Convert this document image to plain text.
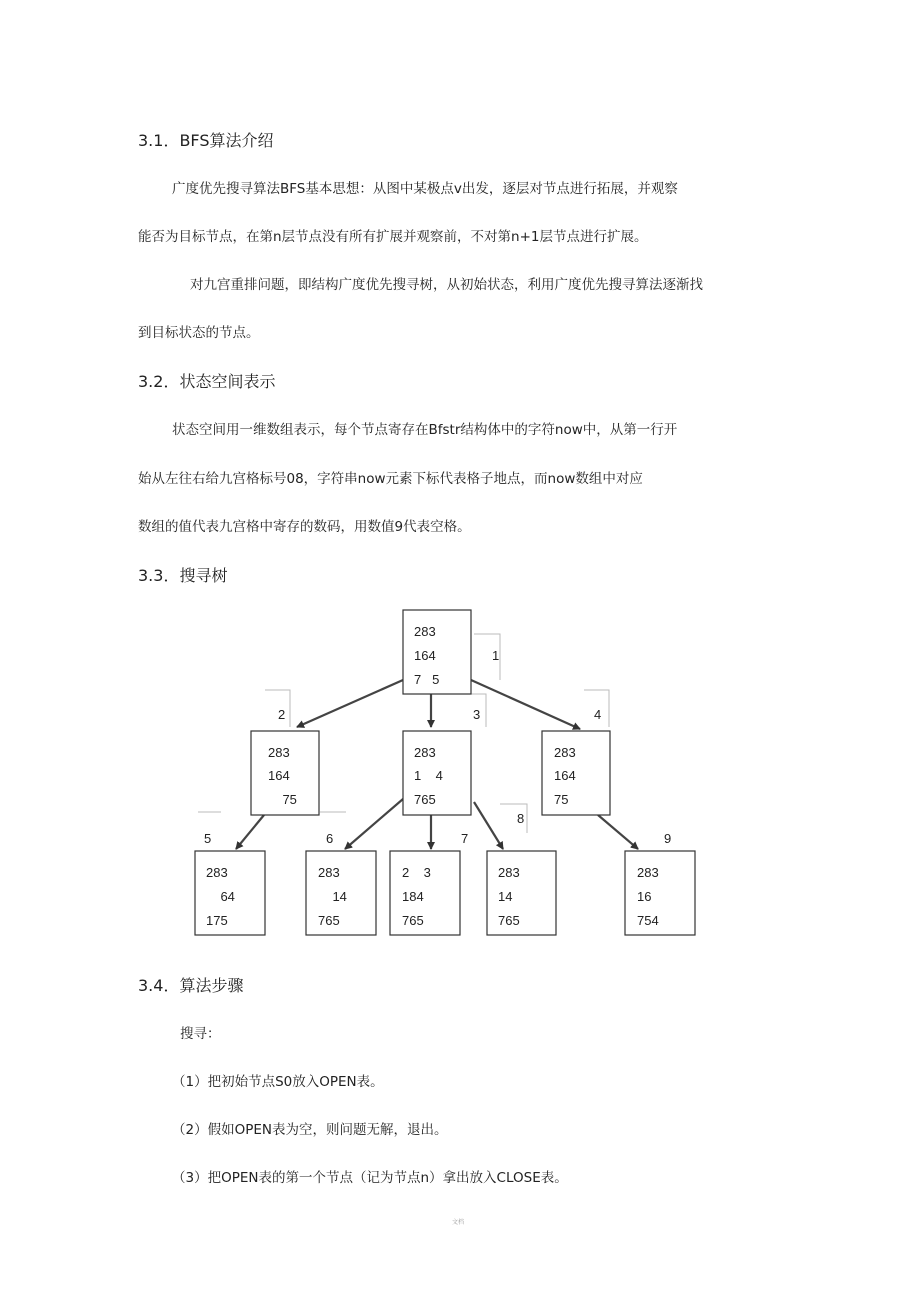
3.1．BFS算法介绍
广度优先搜寻算法BFS基本思想：从图中某极点v出发，逐层对节点进行拓展，并观察
能否为目标节点，在第n层节点没有所有扩展并观察前，不对第n+1层节点进行扩展。
对九宫重排问题，即结构广度优先搜寻树，从初始状态，利用广度优先搜寻算法逐渐找
到目标状态的节点。
3.2．状态空间表示
状态空间用一维数组表示，每个节点寄存在Bfstr结构体中的字符now中，从第一行开
始从左往右给九宫格标号08，字符串now元素下标代表格子地点，而now数组中对应
数组的值代表九宫格中寄存的数码，用数值9代表空格。
3.3．搜寻树
283
164
7   5
1
283
164
75
2
283
1    4
765
3
283
164
75
4
283
64
175
5
283
14
765
6
2    3
184
765
7
283
14
765
8
283
16
754
9
3.4．算法步骤
搜寻：
（1）把初始节点S0放入OPEN表。
（2）假如OPEN表为空，则问题无解，退出。
（3）把OPEN表的第一个节点（记为节点n）拿出放入CLOSE表。
文档
